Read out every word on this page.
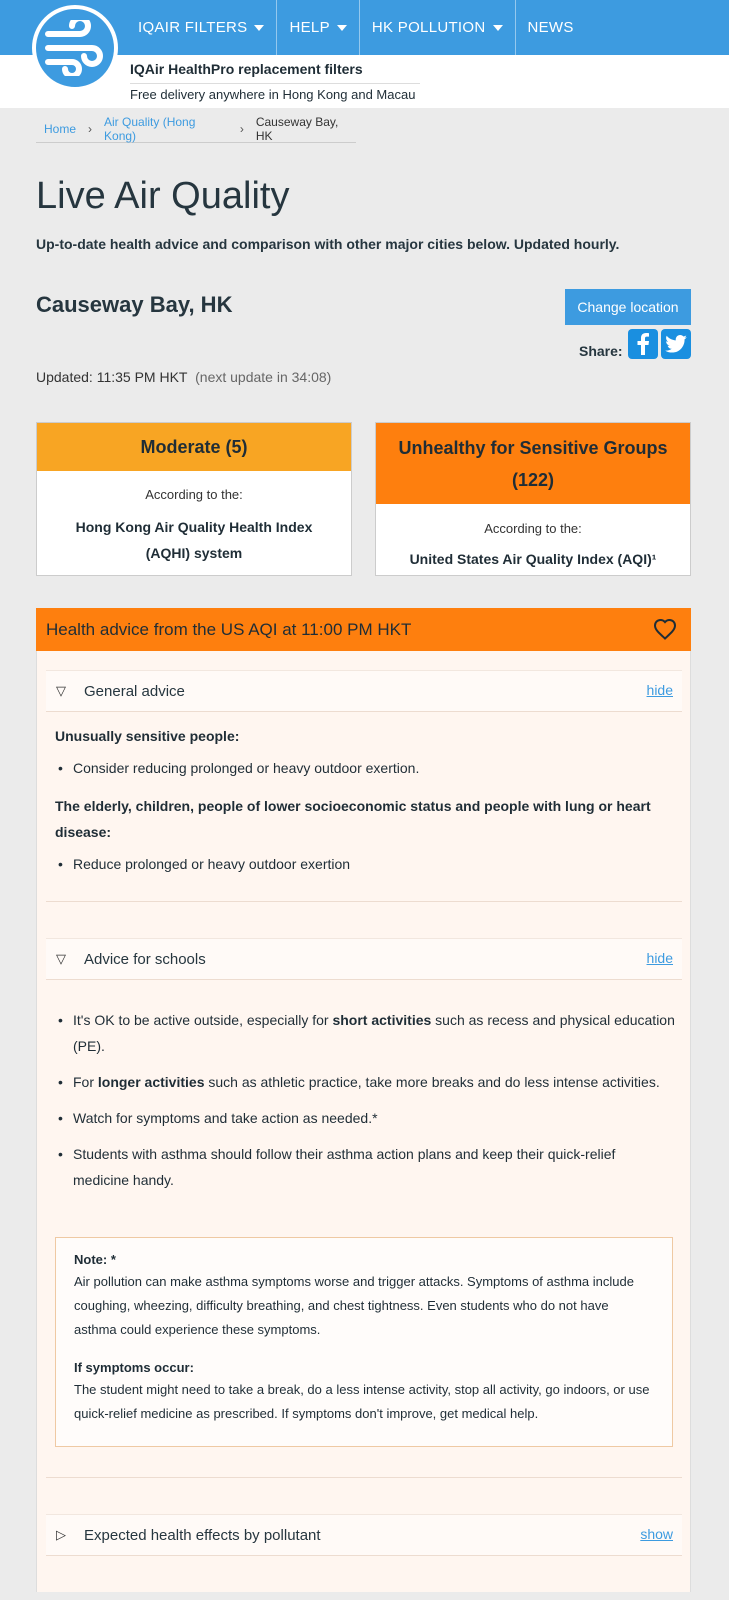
IQAIR FILTERS	HELP	HK POLLUTION	NEWS
IQAir HealthPro replacement filters
Free delivery anywhere in Hong Kong and Macau
Home › Air Quality (Hong Kong)	› Causeway Bay, HK
Live Air Quality
Up-to-date health advice and comparison with other major cities below. Updated hourly.
Causeway Bay, HK	Change location
Share:
Updated: 11:35 PM HKT (next update in 34:08)
Moderate (5)
According to the:
Hong Kong Air Quality Health Index
(AQHI) system
Unhealthy for Sensitive Groups
(122)
According to the:
United States Air Quality Index (AQI)¹
Health advice from the US AQI at 11:00 PM HKT
▽	General advice	hide
Unusually sensitive people:
• Consider reducing prolonged or heavy outdoor exertion.
The elderly, children, people of lower socioeconomic status and people with lung or heart disease:
• Reduce prolonged or heavy outdoor exertion
▽	Advice for schools	hide
• It's OK to be active outside, especially for short activities such as recess and physical education (PE).
• For longer activities such as athletic practice, take more breaks and do less intense activities.
• Watch for symptoms and take action as needed.*
• Students with asthma should follow their asthma action plans and keep their quick-relief medicine handy.
Note: *
Air pollution can make asthma symptoms worse and trigger attacks. Symptoms of asthma include coughing, wheezing, difficulty breathing, and chest tightness. Even students who do not have asthma could experience these symptoms.
If symptoms occur:
The student might need to take a break, do a less intense activity, stop all activity, go indoors, or use quick-relief medicine as prescribed. If symptoms don't improve, get medical help.
▷	Expected health effects by pollutant	show
